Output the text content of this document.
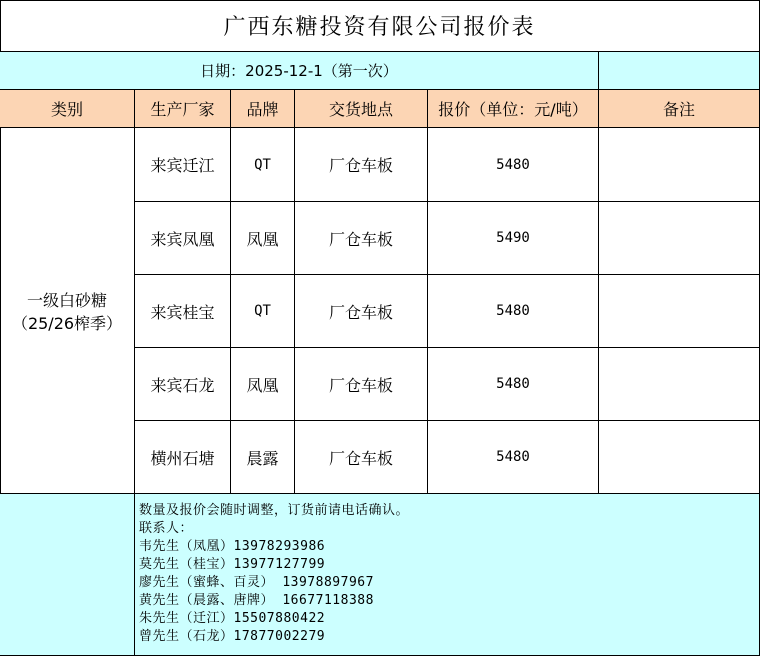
广西东糖投资有限公司报价表
日期：2025-12-1（第一次）
类别	生产厂家	品牌	交货地点	报价（单位：元/吨）	备注
一级白砂糖
（25/26榨季）
来宾迁江	QT	厂仓车板	5480
来宾凤凰	凤凰	厂仓车板	5490
来宾桂宝	QT	厂仓车板	5480
来宾石龙	凤凰	厂仓车板	5480
横州石塘	晨露	厂仓车板	5480
数量及报价会随时调整，订货前请电话确认。
联系人：
韦先生（凤凰）13978293986
莫先生（桂宝）13977127799
廖先生（蜜蜂、百灵） 13978897967
黄先生（晨露、唐牌） 16677118388
朱先生（迁江）15507880422
曾先生（石龙）17877002279
